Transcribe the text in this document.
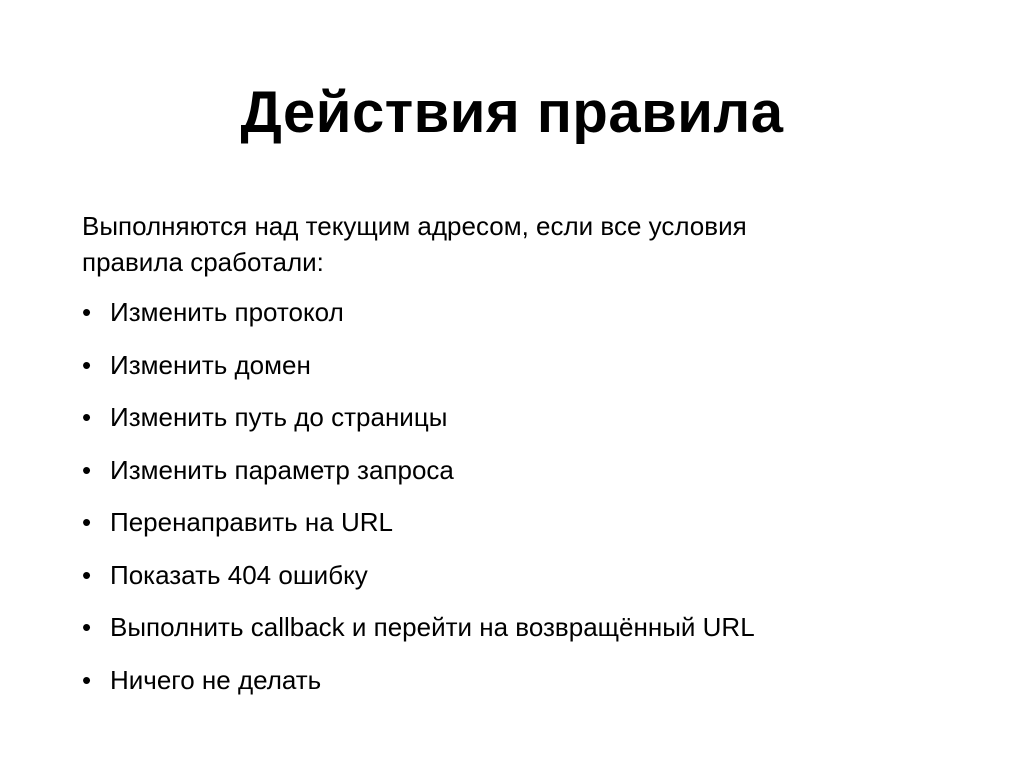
Действия правила

Выполняются над текущим адресом, если все условия
правила сработали:

• Изменить протокол
• Изменить домен
• Изменить путь до страницы
• Изменить параметр запроса
• Перенаправить на URL
• Показать 404 ошибку
• Выполнить callback и перейти на возвращённый URL
• Ничего не делать
